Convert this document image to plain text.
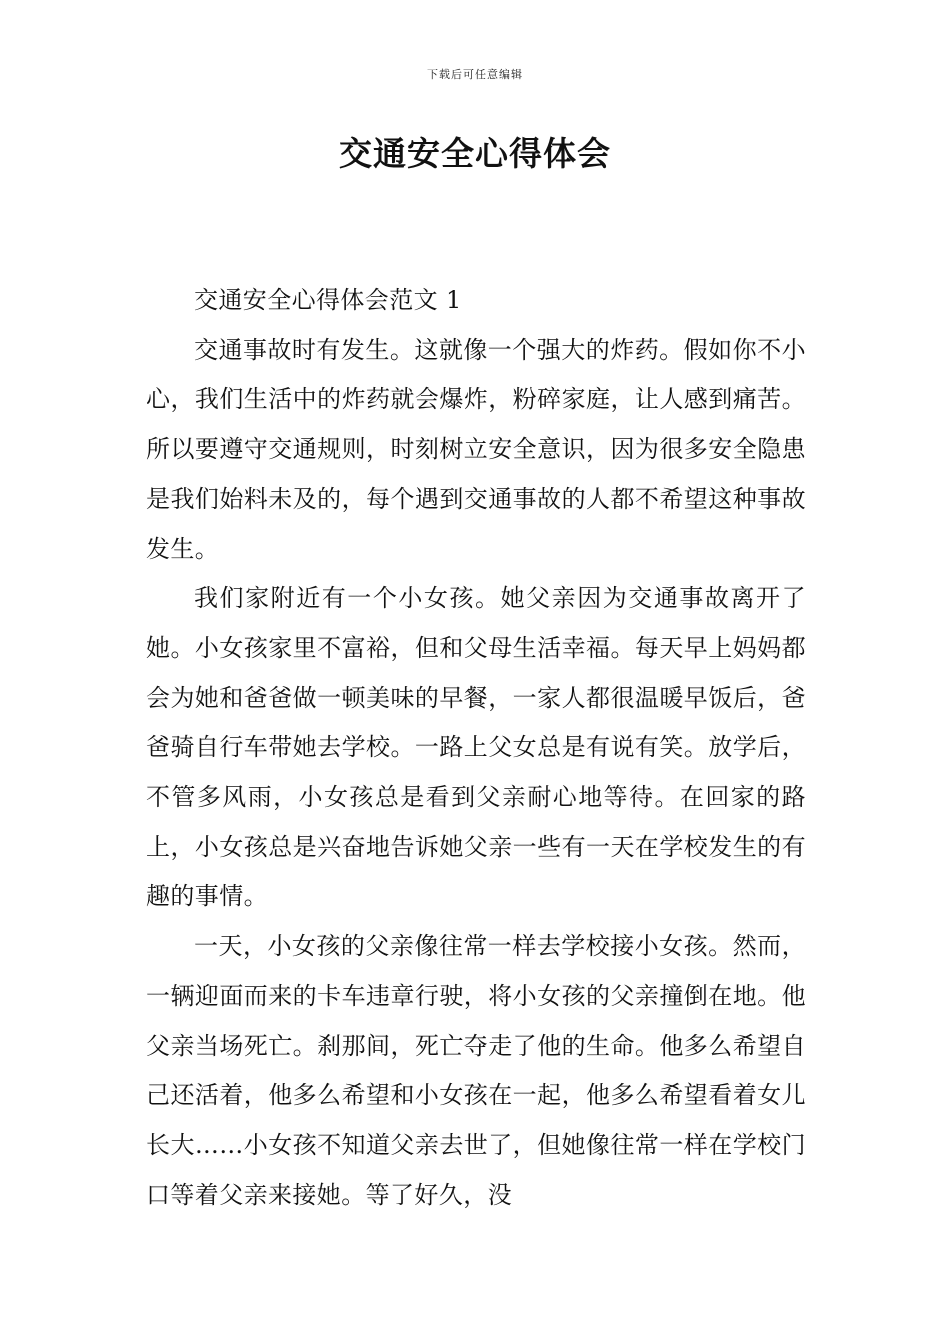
下载后可任意编辑
交通安全心得体会

交通安全心得体会范文 1

交通事故时有发生。这就像一个强大的炸药。假如你不小心，我们生活中的炸药就会爆炸，粉碎家庭，让人感到痛苦。所以要遵守交通规则，时刻树立安全意识，因为很多安全隐患是我们始料未及的，每个遇到交通事故的人都不希望这种事故发生。

我们家附近有一个小女孩。她父亲因为交通事故离开了她。小女孩家里不富裕，但和父母生活幸福。每天早上妈妈都会为她和爸爸做一顿美味的早餐，一家人都很温暖早饭后，爸爸骑自行车带她去学校。一路上父女总是有说有笑。放学后，不管多风雨，小女孩总是看到父亲耐心地等待。在回家的路上，小女孩总是兴奋地告诉她父亲一些有一天在学校发生的有趣的事情。

一天，小女孩的父亲像往常一样去学校接小女孩。然而，一辆迎面而来的卡车违章行驶，将小女孩的父亲撞倒在地。他父亲当场死亡。刹那间，死亡夺走了他的生命。他多么希望自己还活着，他多么希望和小女孩在一起，他多么希望看着女儿长大……小女孩不知道父亲去世了，但她像往常一样在学校门口等着父亲来接她。等了好久，没
